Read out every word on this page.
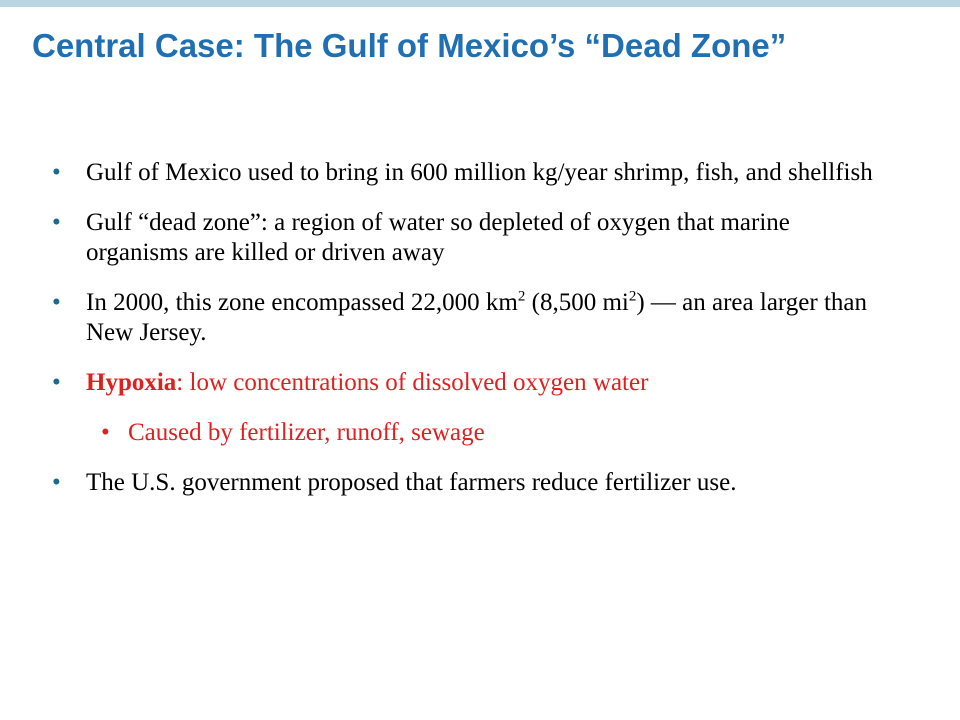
Central Case: The Gulf of Mexico’s “Dead Zone”
• Gulf of Mexico used to bring in 600 million kg/year shrimp, fish, and shellfish
• Gulf “dead zone”: a region of water so depleted of oxygen that marine organisms are killed or driven away
• In 2000, this zone encompassed 22,000 $km^2$ (8,500 $mi^2$) — an area larger than New Jersey.
• Hypoxia: low concentrations of dissolved oxygen water
• Caused by fertilizer, runoff, sewage
• The U.S. government proposed that farmers reduce fertilizer use.
